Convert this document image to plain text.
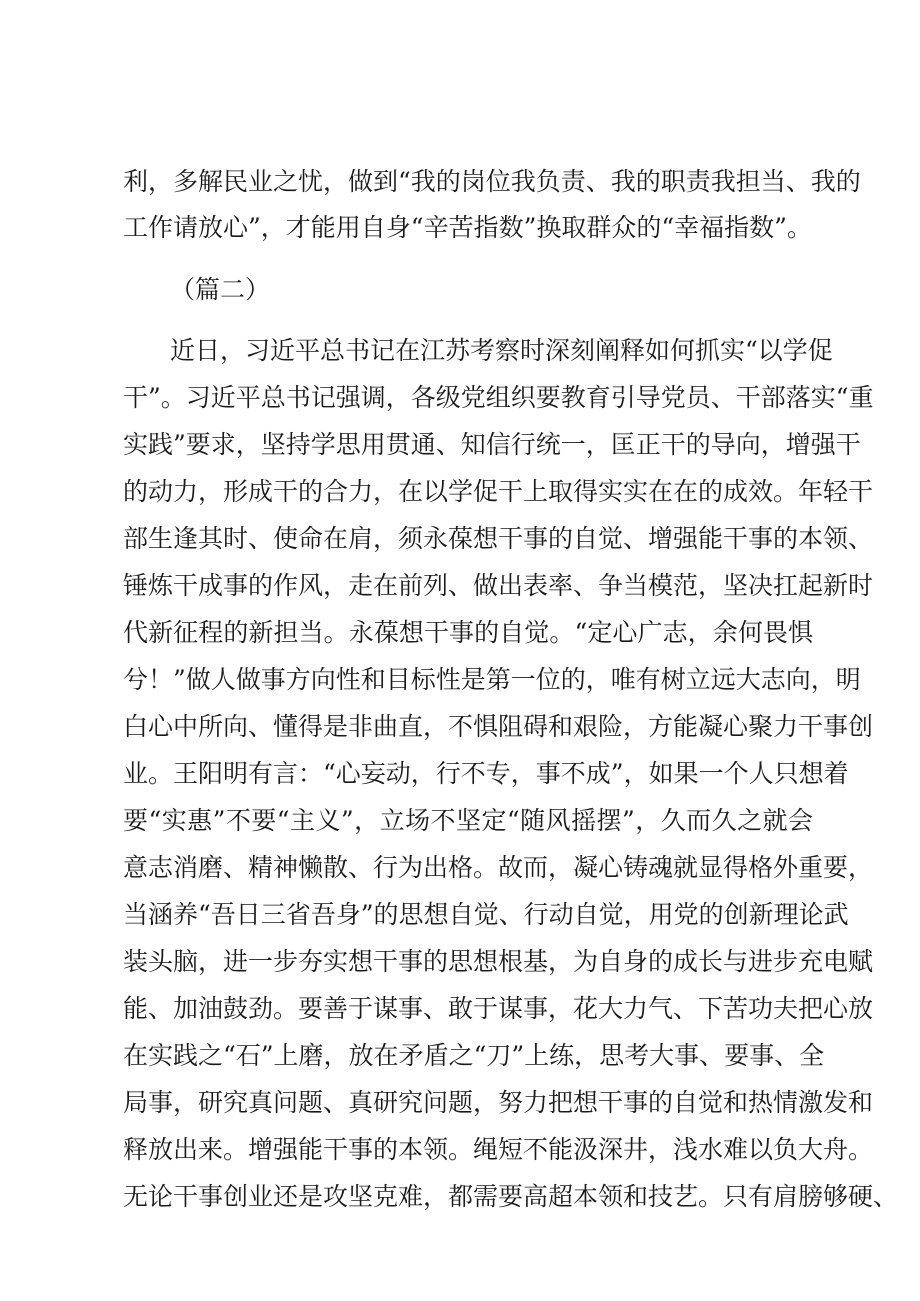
利，多解民业之忧，做到“我的岗位我负责、我的职责我担当、我的
工作请放心”，才能用自身“辛苦指数”换取群众的“幸福指数”。
（篇二）
近日，习近平总书记在江苏考察时深刻阐释如何抓实“以学促
干”。习近平总书记强调，各级党组织要教育引导党员、干部落实“重
实践”要求，坚持学思用贯通、知信行统一，匡正干的导向，增强干
的动力，形成干的合力，在以学促干上取得实实在在的成效。年轻干
部生逢其时、使命在肩，须永葆想干事的自觉、增强能干事的本领、
锤炼干成事的作风，走在前列、做出表率、争当模范，坚决扛起新时
代新征程的新担当。永葆想干事的自觉。“定心广志，余何畏惧
兮！”做人做事方向性和目标性是第一位的，唯有树立远大志向，明
白心中所向、懂得是非曲直，不惧阻碍和艰险，方能凝心聚力干事创
业。王阳明有言：“心妄动，行不专，事不成”，如果一个人只想着
要“实惠”不要“主义”，立场不坚定“随风摇摆”，久而久之就会
意志消磨、精神懒散、行为出格。故而，凝心铸魂就显得格外重要，
当涵养“吾日三省吾身”的思想自觉、行动自觉，用党的创新理论武
装头脑，进一步夯实想干事的思想根基，为自身的成长与进步充电赋
能、加油鼓劲。要善于谋事、敢于谋事，花大力气、下苦功夫把心放
在实践之“石”上磨，放在矛盾之“刀”上练，思考大事、要事、全
局事，研究真问题、真研究问题，努力把想干事的自觉和热情激发和
释放出来。增强能干事的本领。绳短不能汲深井，浅水难以负大舟。
无论干事创业还是攻坚克难，都需要高超本领和技艺。只有肩膀够硬、
